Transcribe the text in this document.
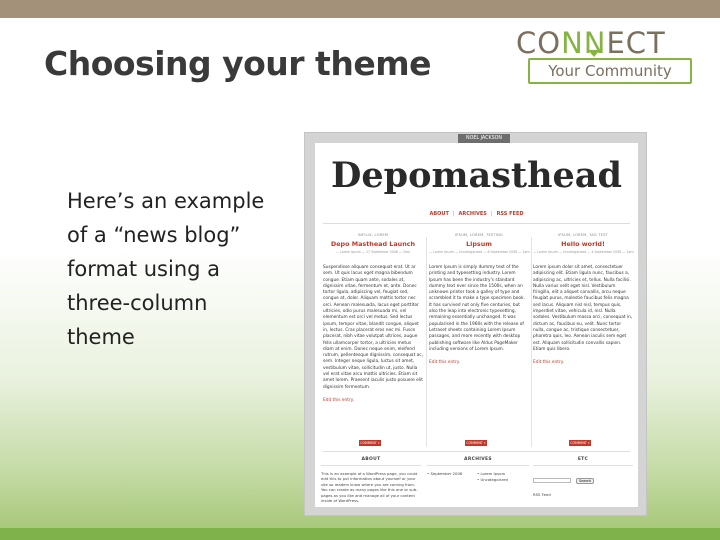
Choosing your theme
CONNECT
Your Community
Here’s an example of a “news blog” format using a three-column theme
NOEL JACKSON
Depomasthead
ABOUT | ARCHIVES | RSS FEED
INFLUX, LOREM
Depo Masthead Launch
— Lorem Ipsum — 17 September 2008 — 3am
Suspendisse aliquam consequat erat. Ut ar sem. Ut quis lacus eget magna bibendum congue. Etiam quam ante, sodales at, dignissim vitae, fermentum et, ante. Donec tortor ligula, adipiscing vel, feugiat sed, congue at, dolor. Aliquam mattis tortor nec orci. Aenean malesuada, lacus eget porttitor ultricies, odio purus malesuada mi, vel elementum est orci vel metus. Sed lectus ipsum, tempor vitae, blandit congue, aliquet in, lectus. Cras placerat eros nec mi. Fusce placerat, nibh vitae volutpat ultrices, augue felis ullamcorper tortor, a ultricies metus diam at enim. Donec neque enim, eleifend rutrum, pellentesque dignissim, consequat ac, sem. Integer neque ligula, luctus sit amet, vestibulum vitae, sollicitudin ut, justo. Nulla vel erat vitae arcu mattis ultricies. Etiam sit amet lorem. Praesent iaculis justo posuere elit dignissim fermentum.
Edit this entry.
IPSUM, LOREM, TESTING
Lipsum
— Lorem Ipsum — Uncategorized — 8 September 2008 — 2am
Lorem Ipsum is simply dummy text of the printing and typesetting industry. Lorem Ipsum has been the industry's standard dummy text ever since the 1500s, when an unknown printer took a galley of type and scrambled it to make a type specimen book. It has survived not only five centuries, but also the leap into electronic typesetting, remaining essentially unchanged. It was popularised in the 1960s with the release of Letraset sheets containing Lorem Ipsum passages, and more recently with desktop publishing software like Aldus PageMaker including versions of Lorem Ipsum.
Edit this entry.
IPSUM, LOREM, TAG TEST
Hello world!
— Lorem Ipsum — Uncategorized — 4 September 2008 — 2am
Lorem ipsum dolor sit amet, consectetuer adipiscing elit. Etiam ligula nunc, faucibus a, adipiscing ac, ultricies et, tellus. Nulla facilisi. Nulla varius velit eget nisl. Vestibulum fringilla, elit a aliquet convallis, arcu neque feugiat purus, molestie faucibus felis magna sed lacus. Aliquam nisl nisl, tempus quis, imperdiet vitae, vehicula id, nisl. Nulla sodales. Vestibulum massa orci, consequat in, dictum ac, faucibus eu, velit. Nunc tortor nulla, congue ac, tristique consectetuer, pharetra quis, leo. Aenean iaculis sem eget est. Aliquam sollicitudin convallis sapien. Etiam quis libero.
Edit this entry.
COMMENT »	COMMENT »	COMMENT »
ABOUT
This is an example of a WordPress page, you could edit this to put information about yourself or your site so readers know where you are coming from. You can create as many pages like this one or sub-pages as you like and manage all of your content inside of WordPress.
ARCHIVES
• September 2008	• Lorem Ipsum
• Uncategorized
ETC
Search
RSS Feed
